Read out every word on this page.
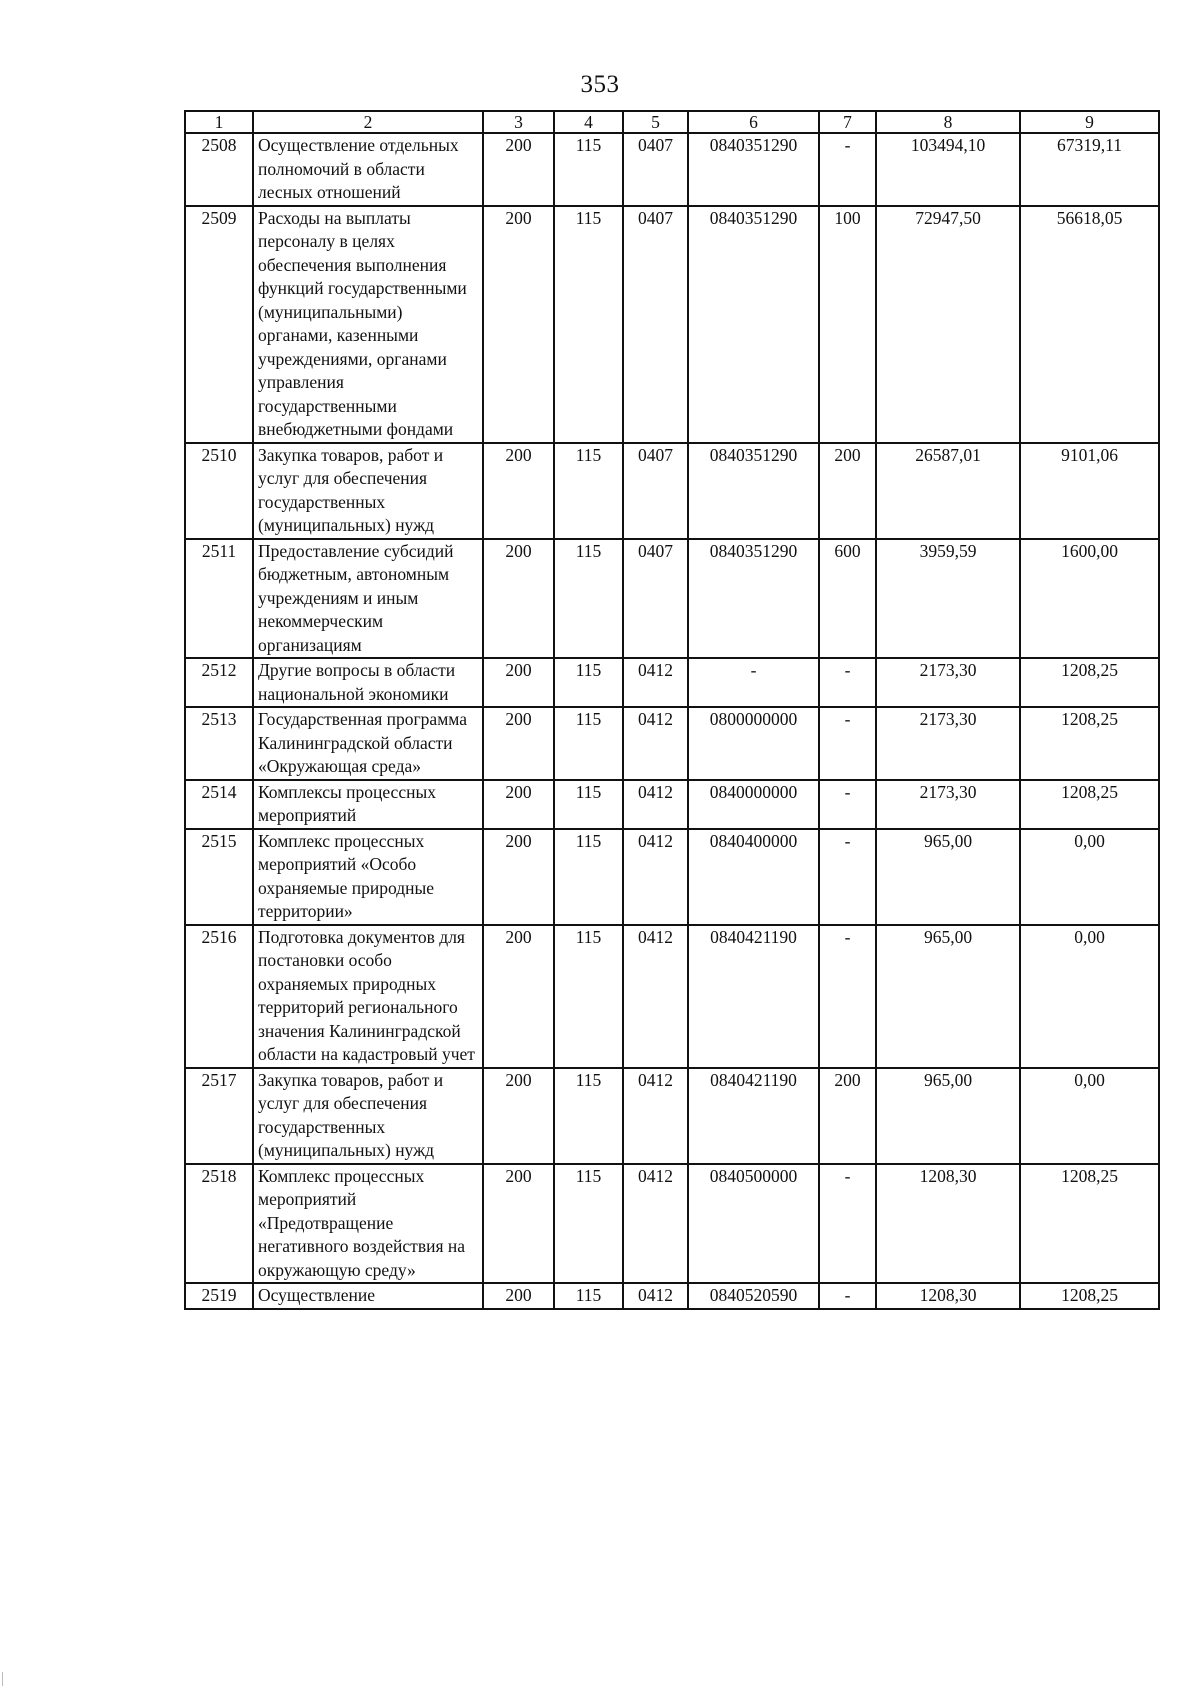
353
1	2	3	4	5	6	7	8	9
2508	Осуществление отдельных полномочий в области лесных отношений	200	115	0407	0840351290	-	103494,10	67319,11
2509	Расходы на выплаты персоналу в целях обеспечения выполнения функций государственными (муниципальными) органами, казенными учреждениями, органами управления государственными внебюджетными фондами	200	115	0407	0840351290	100	72947,50	56618,05
2510	Закупка товаров, работ и услуг для обеспечения государственных (муниципальных) нужд	200	115	0407	0840351290	200	26587,01	9101,06
2511	Предоставление субсидий бюджетным, автономным учреждениям и иным некоммерческим организациям	200	115	0407	0840351290	600	3959,59	1600,00
2512	Другие вопросы в области национальной экономики	200	115	0412	-	-	2173,30	1208,25
2513	Государственная программа Калининградской области «Окружающая среда»	200	115	0412	0800000000	-	2173,30	1208,25
2514	Комплексы процессных мероприятий	200	115	0412	0840000000	-	2173,30	1208,25
2515	Комплекс процессных мероприятий «Особо охраняемые природные территории»	200	115	0412	0840400000	-	965,00	0,00
2516	Подготовка документов для постановки особо охраняемых природных территорий регионального значения Калининградской области на кадастровый учет	200	115	0412	0840421190	-	965,00	0,00
2517	Закупка товаров, работ и услуг для обеспечения государственных (муниципальных) нужд	200	115	0412	0840421190	200	965,00	0,00
2518	Комплекс процессных мероприятий «Предотвращение негативного воздействия на окружающую среду»	200	115	0412	0840500000	-	1208,30	1208,25
2519	Осуществление	200	115	0412	0840520590	-	1208,30	1208,25
